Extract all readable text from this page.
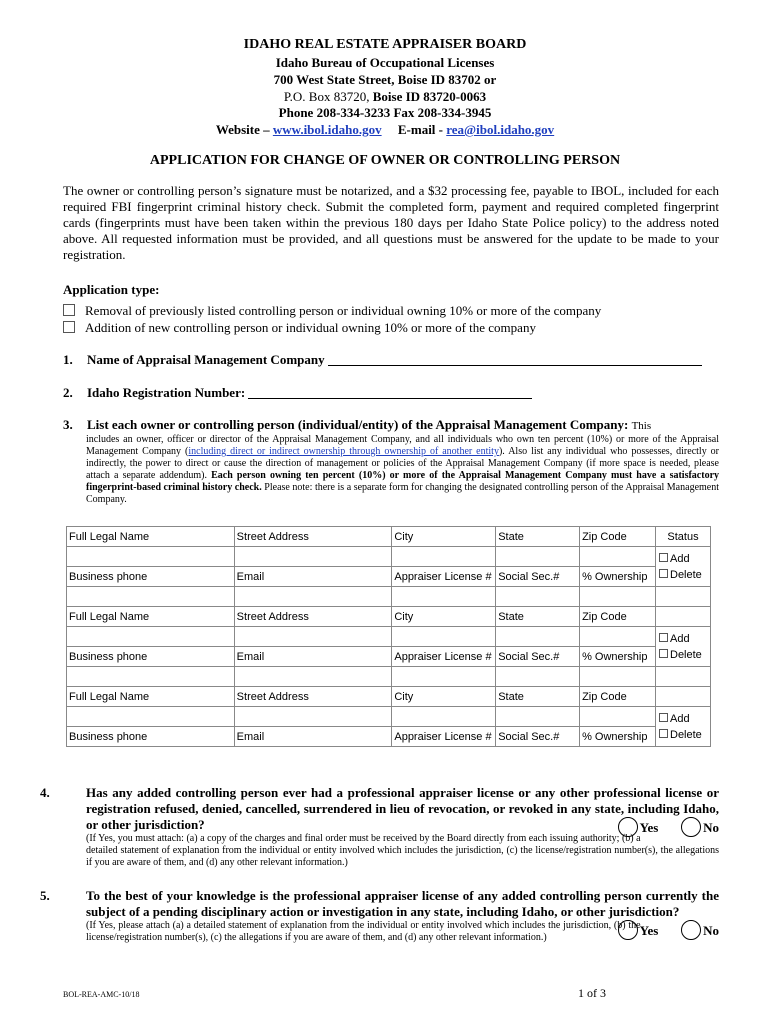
IDAHO REAL ESTATE APPRAISER BOARD
Idaho Bureau of Occupational Licenses
700 West State Street, Boise ID 83702 or
P.O. Box 83720, Boise ID 83720-0063
Phone 208-334-3233 Fax 208-334-3945
Website – www.ibol.idaho.gov E-mail - rea@ibol.idaho.gov
APPLICATION FOR CHANGE OF OWNER OR CONTROLLING PERSON
The owner or controlling person’s signature must be notarized, and a $32 processing fee, payable to IBOL, included for each required FBI fingerprint criminal history check. Submit the completed form, payment and required completed fingerprint cards (fingerprints must have been taken within the previous 180 days per Idaho State Police policy) to the address noted above. All requested information must be provided, and all questions must be answered for the update to be made to your registration.
Application type:
Removal of previously listed controlling person or individual owning 10% or more of the company
Addition of new controlling person or individual owning 10% or more of the company
1. Name of Appraisal Management Company
2. Idaho Registration Number:
3. List each owner or controlling person (individual/entity) of the Appraisal Management Company: This
includes an owner, officer or director of the Appraisal Management Company, and all individuals who own ten percent (10%) or more of the Appraisal Management Company (including direct or indirect ownership through ownership of another entity). Also list any individual who possesses, directly or indirectly, the power to direct or cause the direction of management or policies of the Appraisal Management Company (if more space is needed, please attach a separate addendum). Each person owning ten percent (10%) or more of the Appraisal Management Company must have a satisfactory fingerprint-based criminal history check. Please note: there is a separate form for changing the designated controlling person of the Appraisal Management Company.
Full Legal Name	Street Address	City	State	Zip Code	Status

					Add
Delete

Business phone	Email	Appraiser License #	Social Sec.#	% Ownership	

Full Legal Name	Street Address	City	State	Zip Code	

					Add
Delete

Business phone	Email	Appraiser License #	Social Sec.#	% Ownership	

Full Legal Name	Street Address	City	State	Zip Code	

					Add
Delete

Business phone	Email	Appraiser License #	Social Sec.#	% Ownership	
4.	Has any added controlling person ever had a professional appraiser license or any other professional license or registration refused, denied, cancelled, surrendered in lieu of revocation, or revoked in any state, including Idaho, or other jurisdiction?	Yes	No
(If Yes, you must attach: (a) a copy of the charges and final order must be received by the Board directly from each issuing authority; (b) a detailed statement of explanation from the individual or entity involved which includes the jurisdiction, (c) the license/registration number(s), the allegations if you are aware of them, and (d) any other relevant information.)
5.	To the best of your knowledge is the professional appraiser license of any added controlling person currently the subject of a pending disciplinary action or investigation in any state, including Idaho, or other jurisdiction?
Yes	No
(If Yes, please attach (a) a detailed statement of explanation from the individual or entity involved which includes the jurisdiction, (b) the license/registration number(s), (c) the allegations if you are aware of them, and (d) any other relevant information.)
BOL-REA-AMC-10/18	1 of 3
